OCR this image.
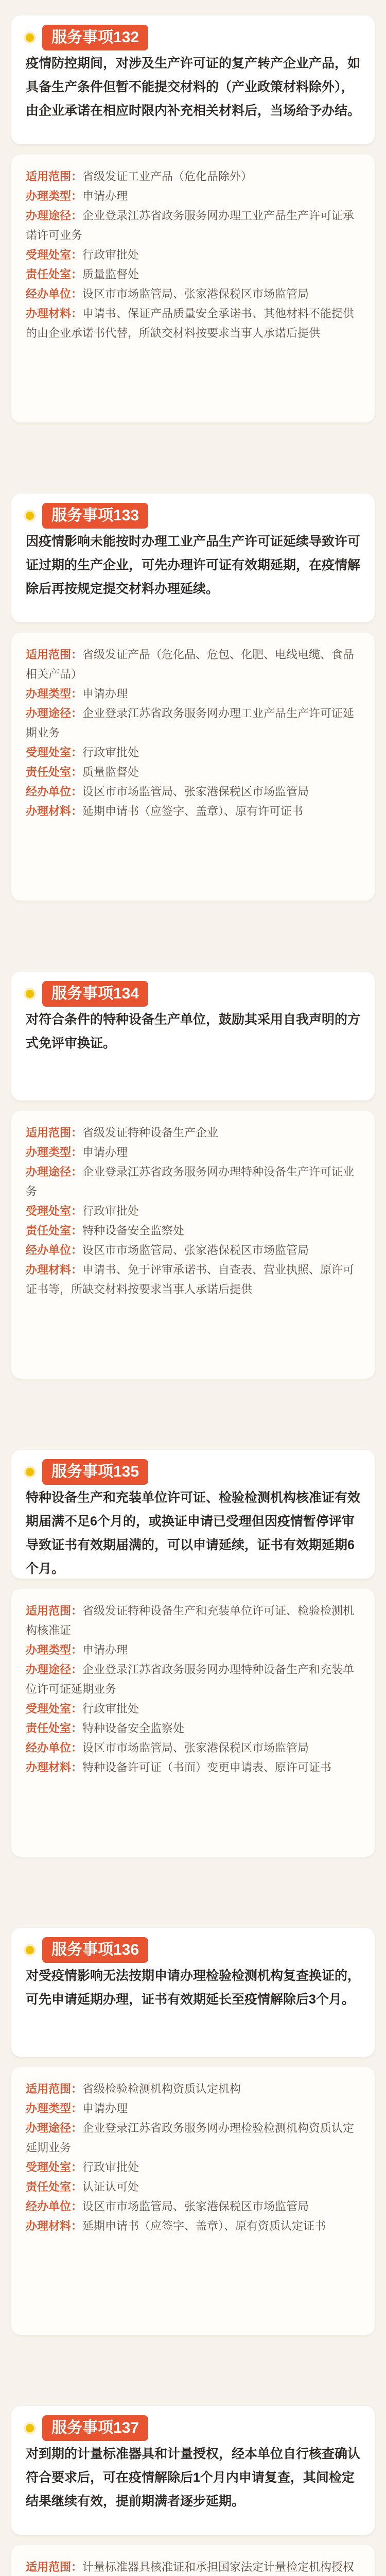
服务事项132
疫情防控期间，对涉及生产许可证的复产转产企业产品，如具备生产条件但暂不能提交材料的（产业政策材料除外），由企业承诺在相应时限内补充相关材料后，当场给予办结。
适用范围：省级发证工业产品（危化品除外）
办理类型：申请办理
办理途径：企业登录江苏省政务服务网办理工业产品生产许可证承诺许可业务
受理处室：行政审批处
责任处室：质量监督处
经办单位：设区市市场监管局、张家港保税区市场监管局
办理材料：申请书、保证产品质量安全承诺书、其他材料不能提供的由企业承诺书代替，所缺交材料按要求当事人承诺后提供
服务事项133
因疫情影响未能按时办理工业产品生产许可证延续导致许可证过期的生产企业，可先办理许可证有效期延期，在疫情解除后再按规定提交材料办理延续。
适用范围：省级发证产品（危化品、危包、化肥、电线电缆、食品相关产品）
办理类型：申请办理
办理途径：企业登录江苏省政务服务网办理工业产品生产许可证延期业务
受理处室：行政审批处
责任处室：质量监督处
经办单位：设区市市场监管局、张家港保税区市场监管局
办理材料：延期申请书（应签字、盖章）、原有许可证书
服务事项134
对符合条件的特种设备生产单位，鼓励其采用自我声明的方式免评审换证。
适用范围：省级发证特种设备生产企业
办理类型：申请办理
办理途径：企业登录江苏省政务服务网办理特种设备生产许可证业务
受理处室：行政审批处
责任处室：特种设备安全监察处
经办单位：设区市市场监管局、张家港保税区市场监管局
办理材料：申请书、免于评审承诺书、自查表、营业执照、原许可证书等，所缺交材料按要求当事人承诺后提供
服务事项135
特种设备生产和充装单位许可证、检验检测机构核准证有效期届满不足6个月的，或换证申请已受理但因疫情暂停评审导致证书有效期届满的，可以申请延续，证书有效期延期6个月。
适用范围：省级发证特种设备生产和充装单位许可证、检验检测机构核准证
办理类型：申请办理
办理途径：企业登录江苏省政务服务网办理特种设备生产和充装单位许可证延期业务
受理处室：行政审批处
责任处室：特种设备安全监察处
经办单位：设区市市场监管局、张家港保税区市场监管局
办理材料：特种设备许可证（书面）变更申请表、原许可证书
服务事项136
对受疫情影响无法按期申请办理检验检测机构复查换证的，可先申请延期办理，证书有效期延长至疫情解除后3个月。
适用范围：省级检验检测机构资质认定机构
办理类型：申请办理
办理途径：企业登录江苏省政务服务网办理检验检测机构资质认定延期业务
受理处室：行政审批处
责任处室：认证认可处
经办单位：设区市市场监管局、张家港保税区市场监管局
办理材料：延期申请书（应签字、盖章）、原有资质认定证书
服务事项137
对到期的计量标准器具和计量授权，经本单位自行核查确认符合要求后，可在疫情解除后1个月内申请复查，其间检定结果继续有效，提前期满者逐步延期。
适用范围：计量标准器具核准证和承担国家法定计量检定机构授权
